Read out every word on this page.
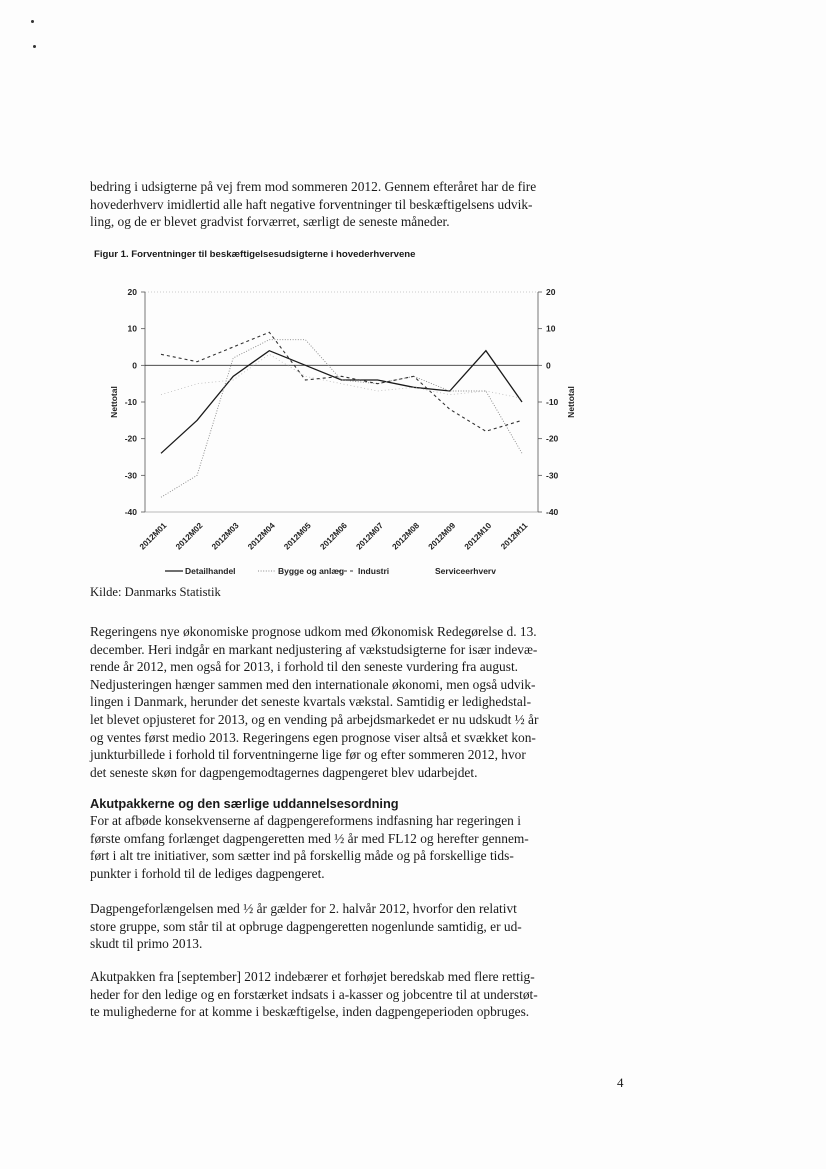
bedring i udsigterne på vej frem mod sommeren 2012. Gennem efteråret har de fire
hovederhverv imidlertid alle haft negative forventninger til beskæftigelsens udvik-
ling, og de er blevet gradvist forværret, særligt de seneste måneder.

Figur 1. Forventninger til beskæftigelsesudsigterne i hovederhvervene
20	20
10	10
0	0
-10	-10
-20	-20
-30	-30
-40	-40
Nettotal	Nettotal
2012M01 2012M02 2012M03 2012M04 2012M05 2012M06 2012M07 2012M08 2012M09 2012M10 2012M11
Detailhandel	Bygge og anlæg Industri	Serviceerhverv
Kilde: Danmarks Statistik

Regeringens nye økonomiske prognose udkom med Økonomisk Redegørelse d. 13.
december. Heri indgår en markant nedjustering af vækstudsigterne for især indevæ-
rende år 2012, men også for 2013, i forhold til den seneste vurdering fra august.
Nedjusteringen hænger sammen med den internationale økonomi, men også udvik-
lingen i Danmark, herunder det seneste kvartals vækstal. Samtidig er ledighedstal-
let blevet opjusteret for 2013, og en vending på arbejdsmarkedet er nu udskudt ½ år
og ventes først medio 2013. Regeringens egen prognose viser altså et svækket kon-
junkturbillede i forhold til forventningerne lige før og efter sommeren 2012, hvor
det seneste skøn for dagpengemodtagernes dagpengeret blev udarbejdet.

Akutpakkerne og den særlige uddannelsesordning

For at afbøde konsekvenserne af dagpengereformens indfasning har regeringen i
første omfang forlænget dagpengeretten med ½ år med FL12 og herefter gennem-
ført i alt tre initiativer, som sætter ind på forskellig måde og på forskellige tids-
punkter i forhold til de lediges dagpengeret.

Dagpengeforlængelsen med ½ år gælder for 2. halvår 2012, hvorfor den relativt
store gruppe, som står til at opbruge dagpengeretten nogenlunde samtidig, er ud-
skudt til primo 2013.

Akutpakken fra [september] 2012 indebærer et forhøjet beredskab med flere rettig-
heder for den ledige og en forstærket indsats i a-kasser og jobcentre til at understøt-
te mulighederne for at komme i beskæftigelse, inden dagpengeperioden opbruges.

4
